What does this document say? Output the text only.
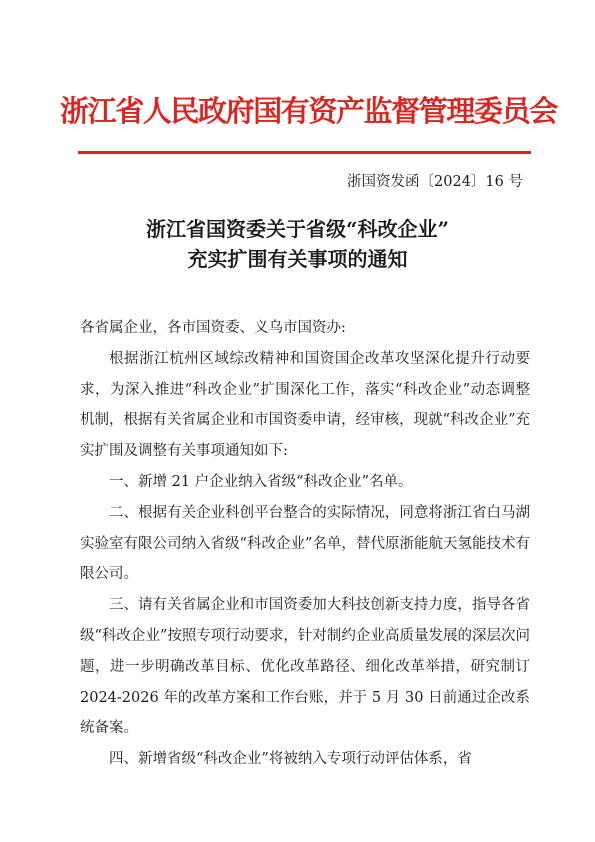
浙江省人民政府国有资产监督管理委员会
浙国资发函〔2024〕16 号
浙江省国资委关于省级“科改企业”
充实扩围有关事项的通知

各省属企业，各市国资委、义乌市国资办:

根据浙江杭州区域综改精神和国资国企改革攻坚深化提升行动要求，为深入推进“科改企业”扩围深化工作，落实“科改企业”动态调整机制，根据有关省属企业和市国资委申请，经审核，现就“科改企业”充实扩围及调整有关事项通知如下:

一、新增 21 户企业纳入省级“科改企业”名单。

二、根据有关企业科创平台整合的实际情况，同意将浙江省白马湖实验室有限公司纳入省级“科改企业”名单，替代原浙能航天氢能技术有限公司。

三、请有关省属企业和市国资委加大科技创新支持力度，指导各省级“科改企业”按照专项行动要求，针对制约企业高质量发展的深层次问题，进一步明确改革目标、优化改革路径、细化改革举措，研究制订 2024-2026 年的改革方案和工作台账，并于 5 月 30 日前通过企改系统备案。

四、新增省级“科改企业”将被纳入专项行动评估体系，省
